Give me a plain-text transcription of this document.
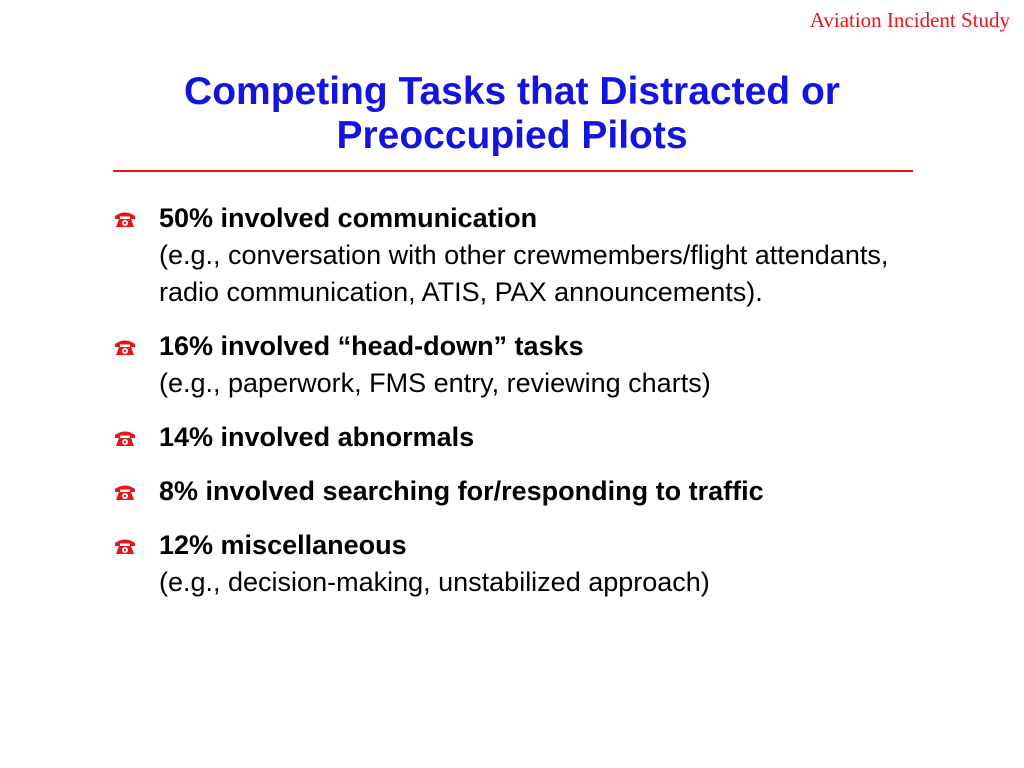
Aviation Incident Study
Competing Tasks that Distracted or
Preoccupied Pilots
50% involved communication
(e.g., conversation with other crewmembers/flight attendants, radio communication, ATIS, PAX announcements).
16% involved “head-down” tasks
(e.g., paperwork, FMS entry, reviewing charts)
14% involved abnormals
8% involved searching for/responding to traffic
12% miscellaneous
(e.g., decision-making, unstabilized approach)
